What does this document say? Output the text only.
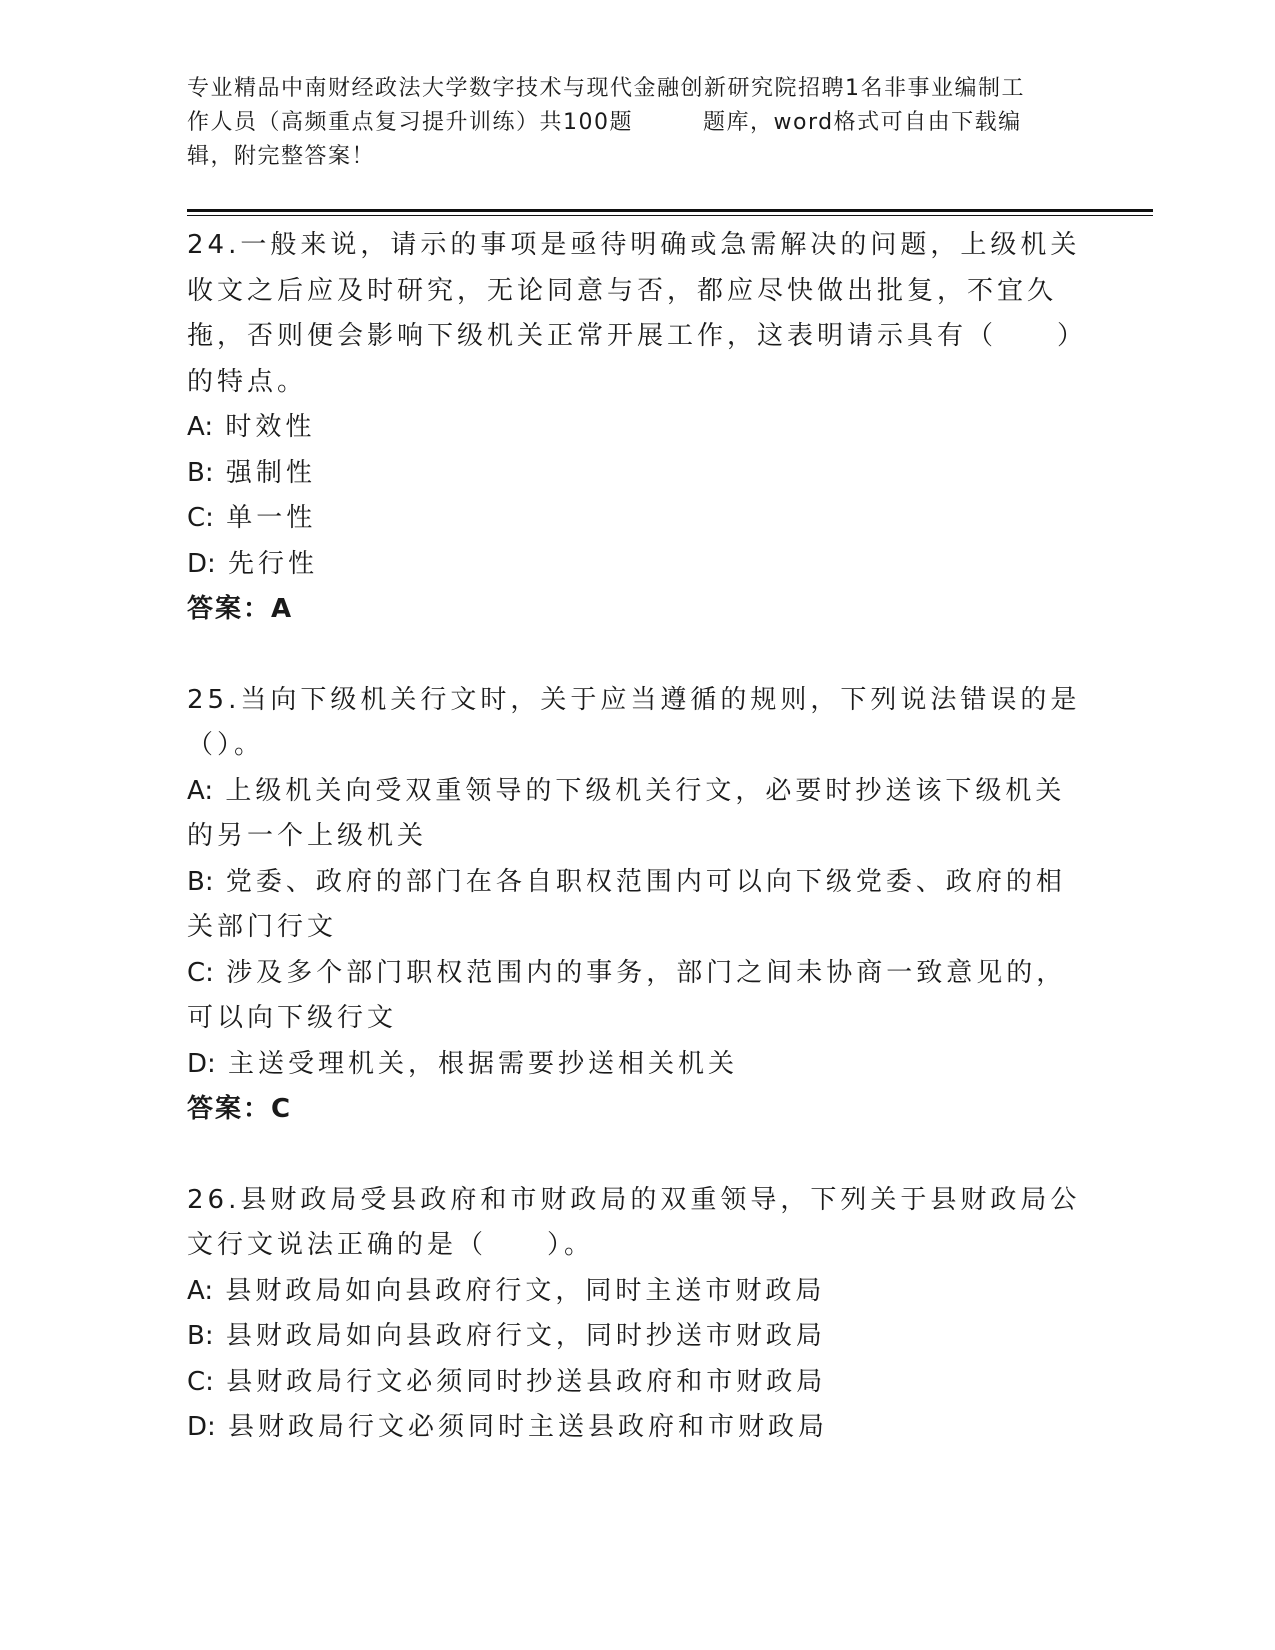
专业精品中南财经政法大学数字技术与现代金融创新研究院招聘1名非事业编制工
作人员（高频重点复习提升训练）共100题	题库，word格式可自由下载编
辑，附完整答案！

24.一般来说，请示的事项是亟待明确或急需解决的问题，上级机关收文之后应及时研究，无论同意与否，都应尽快做出批复，不宜久拖，否则便会影响下级机关正常开展工作，这表明请示具有（　　）的特点。

A: 时效性
B: 强制性
C: 单一性
D: 先行性
答案：A

25.当向下级机关行文时，关于应当遵循的规则，下列说法错误的是（）。

A: 上级机关向受双重领导的下级机关行文，必要时抄送该下级机关的另一个上级机关
B: 党委、政府的部门在各自职权范围内可以向下级党委、政府的相关部门行文
C: 涉及多个部门职权范围内的事务，部门之间未协商一致意见的，可以向下级行文
D: 主送受理机关，根据需要抄送相关机关
答案：C

26.县财政局受县政府和市财政局的双重领导，下列关于县财政局公文行文说法正确的是（　　）。

A: 县财政局如向县政府行文，同时主送市财政局
B: 县财政局如向县政府行文，同时抄送市财政局
C: 县财政局行文必须同时抄送县政府和市财政局
D: 县财政局行文必须同时主送县政府和市财政局
